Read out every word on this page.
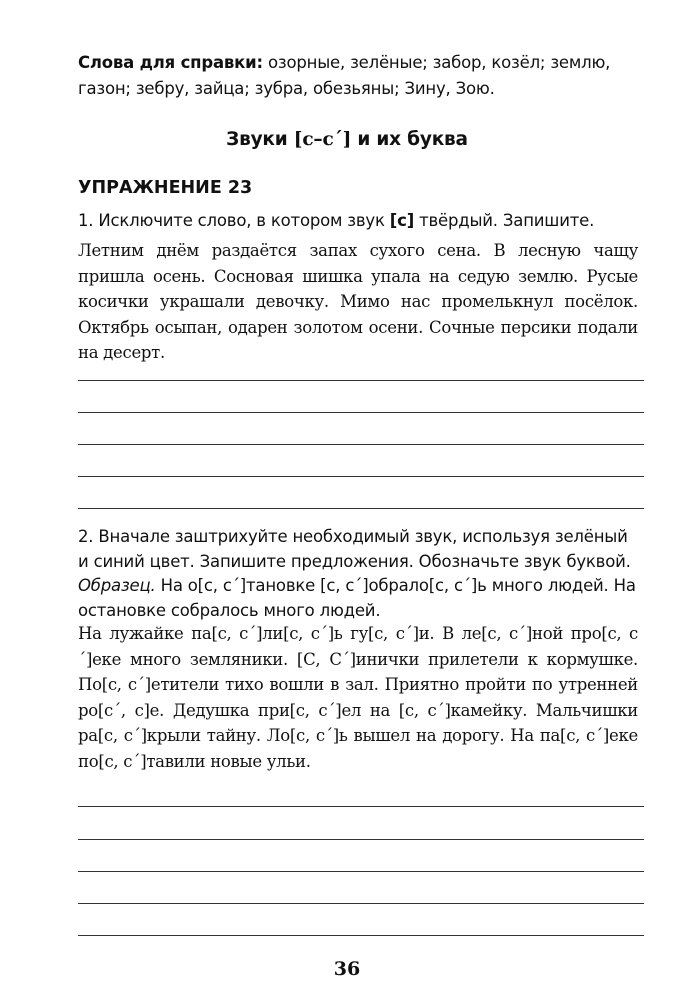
Слова для справки: озорные, зелёные; забор, козёл; землю, газон; зебру, зайца; зубра, обезьяны; Зину, Зою.
Звуки [с–с´] и их буква
УПРАЖНЕНИЕ 23
1. Исключите слово, в котором звук [с] твёрдый. Запишите.
Летним днём раздаётся запах сухого сена. В лесную чащу пришла осень. Сосновая шишка упала на седую землю. Русые косички украшали девочку. Мимо нас промелькнул посёлок. Октябрь осыпан, одарен золотом осени. Сочные персики подали на десерт.
2. Вначале заштрихуйте необходимый звук, используя зелёный и синий цвет. Запишите предложения. Обозначьте звук буквой.
Образец. На о[с, с´]тановке [с, с´]обрало[с, с´]ь много людей. На остановке собралось много людей.
На лужайке па[с, с´]ли[с, с´]ь гу[с, с´]и. В ле[с, с´]ной про[с, с´]еке много земляники. [С, С´]инички прилетели к кормушке. По[с, с´]етители тихо вошли в зал. Приятно пройти по утренней ро[с´, с]е. Дедушка при[с, с´]ел на [с, с´]камейку. Мальчишки ра[с, с´]крыли тайну. Ло[с, с´]ь вышел на дорогу. На па[с, с´]еке по[с, с´]тавили новые ульи.
36
